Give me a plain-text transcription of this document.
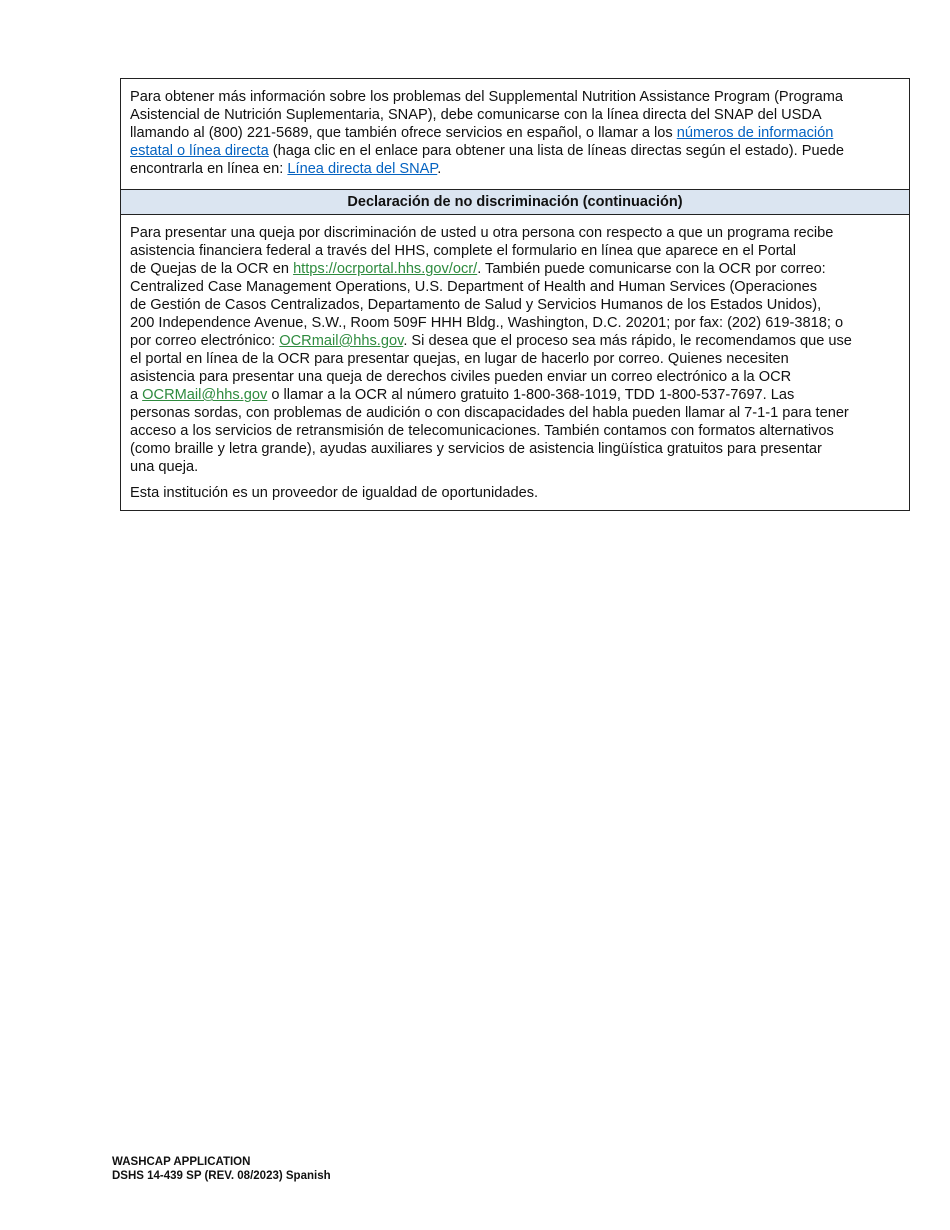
Para obtener más información sobre los problemas del Supplemental Nutrition Assistance Program (Programa
Asistencial de Nutrición Suplementaria, SNAP), debe comunicarse con la línea directa del SNAP del USDA
llamando al (800) 221-5689, que también ofrece servicios en español, o llamar a los números de información
estatal o línea directa (haga clic en el enlace para obtener una lista de líneas directas según el estado). Puede
encontrarla en línea en: Línea directa del SNAP.
Declaración de no discriminación (continuación)
Para presentar una queja por discriminación de usted u otra persona con respecto a que un programa recibe
asistencia financiera federal a través del HHS, complete el formulario en línea que aparece en el Portal
de Quejas de la OCR en https://ocrportal.hhs.gov/ocr/. También puede comunicarse con la OCR por correo:
Centralized Case Management Operations, U.S. Department of Health and Human Services (Operaciones
de Gestión de Casos Centralizados, Departamento de Salud y Servicios Humanos de los Estados Unidos),
200 Independence Avenue, S.W., Room 509F HHH Bldg., Washington, D.C. 20201; por fax: (202) 619-3818; o
por correo electrónico: OCRmail@hhs.gov. Si desea que el proceso sea más rápido, le recomendamos que use
el portal en línea de la OCR para presentar quejas, en lugar de hacerlo por correo. Quienes necesiten
asistencia para presentar una queja de derechos civiles pueden enviar un correo electrónico a la OCR
a OCRMail@hhs.gov o llamar a la OCR al número gratuito 1-800-368-1019, TDD 1-800-537-7697. Las
personas sordas, con problemas de audición o con discapacidades del habla pueden llamar al 7-1-1 para tener
acceso a los servicios de retransmisión de telecomunicaciones. También contamos con formatos alternativos
(como braille y letra grande), ayudas auxiliares y servicios de asistencia lingüística gratuitos para presentar
una queja.
Esta institución es un proveedor de igualdad de oportunidades.
WASHCAP APPLICATION
DSHS 14-439 SP (REV. 08/2023) Spanish
